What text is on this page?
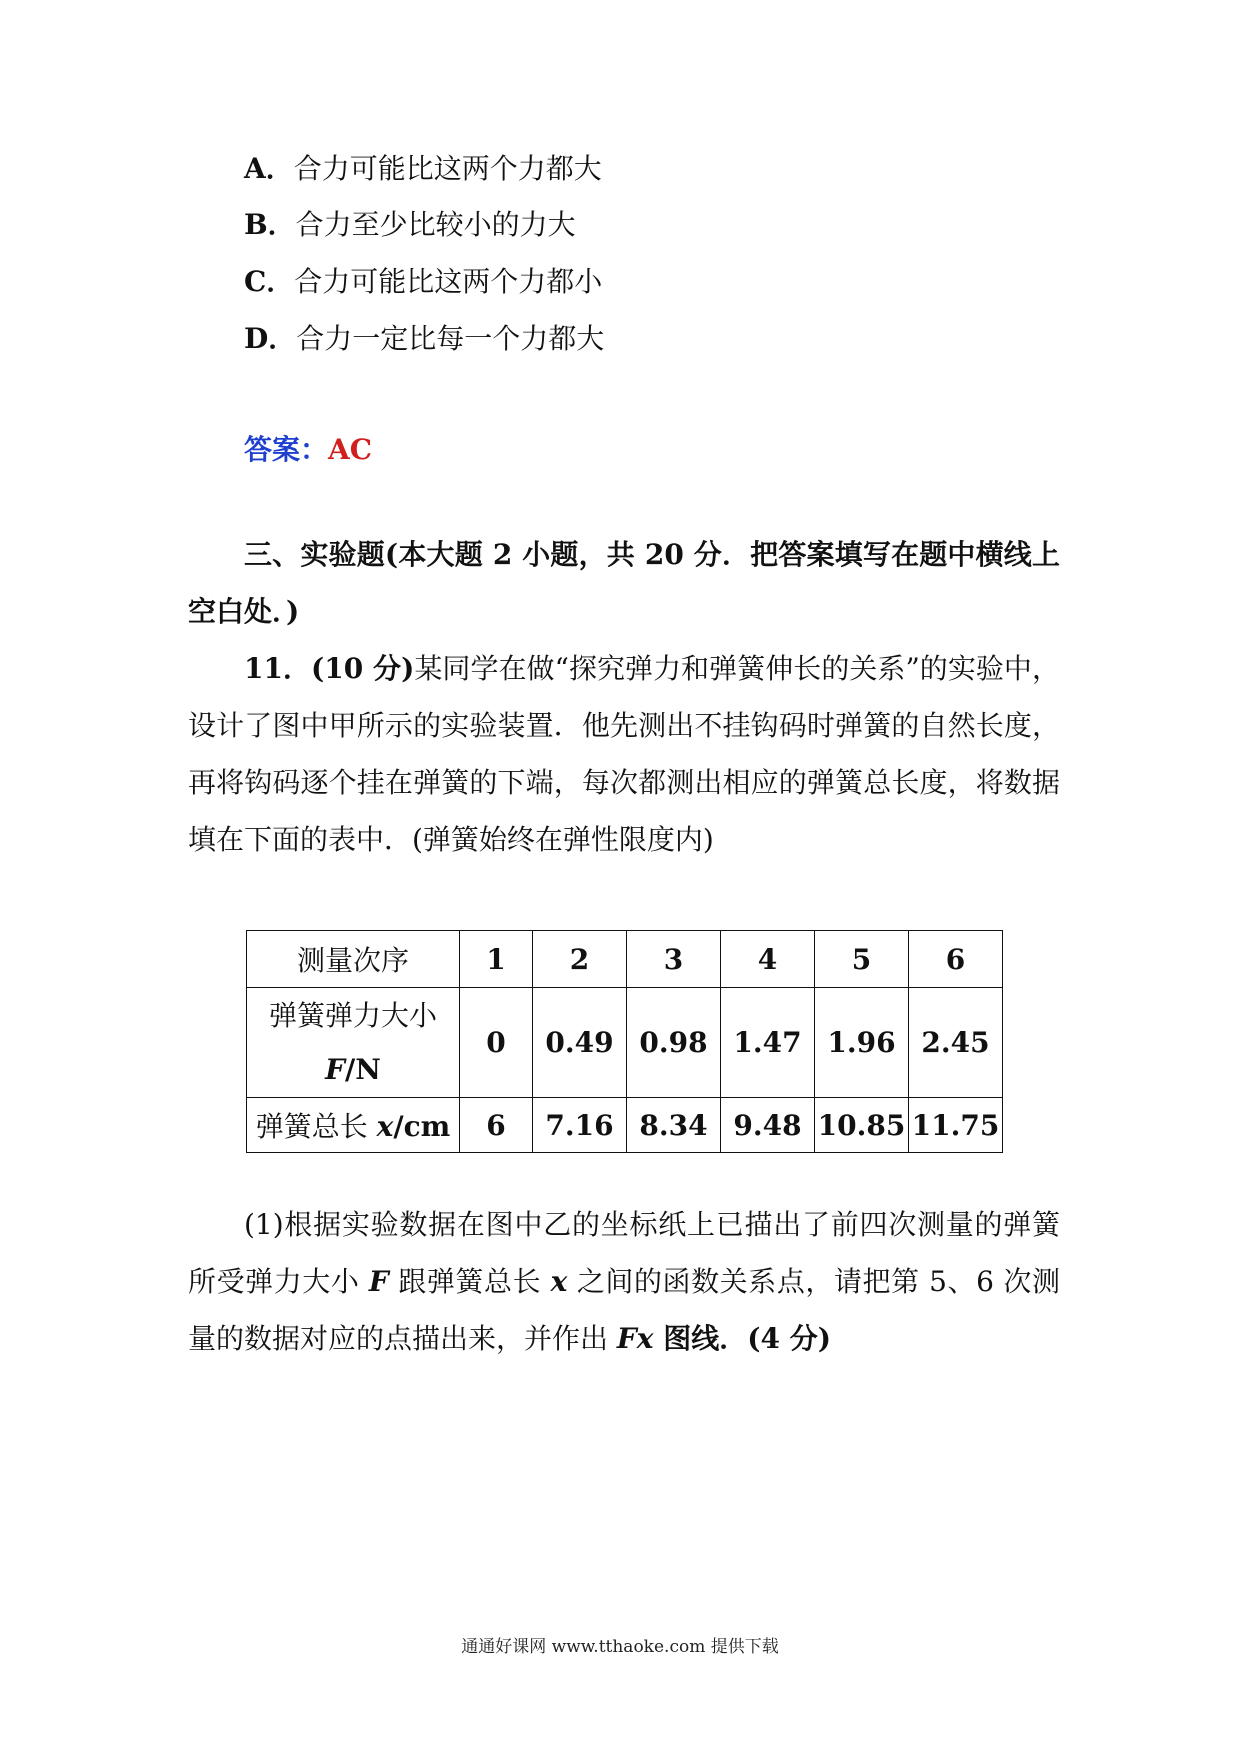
A．合力可能比这两个力都大
B．合力至少比较小的力大
C．合力可能比这两个力都小
D．合力一定比每一个力都大
答案：AC
三、实验题(本大题 2 小题，共 20 分．把答案填写在题中横线上空白处．)
11．(10 分)某同学在做“探究弹力和弹簧伸长的关系”的实验中，设计了图中甲所示的实验装置．他先测出不挂钩码时弹簧的自然长度，再将钩码逐个挂在弹簧的下端，每次都测出相应的弹簧总长度，将数据填在下面的表中．(弹簧始终在弹性限度内)
测量次序	1	2	3	4	5	6

弹簧弹力大小
F/N	0	0.49	0.98	1.47	1.96	2.45
弹簧总长 x/cm	6	7.16	8.34	9.48	10.85	11.75
(1)根据实验数据在图中乙的坐标纸上已描出了前四次测量的弹簧所受弹力大小 F 跟弹簧总长 x 之间的函数关系点，请把第 5、6 次测量的数据对应的点描出来，并作出 Fx 图线．(4 分)
通通好课网 www.tthaoke.com 提供下载
